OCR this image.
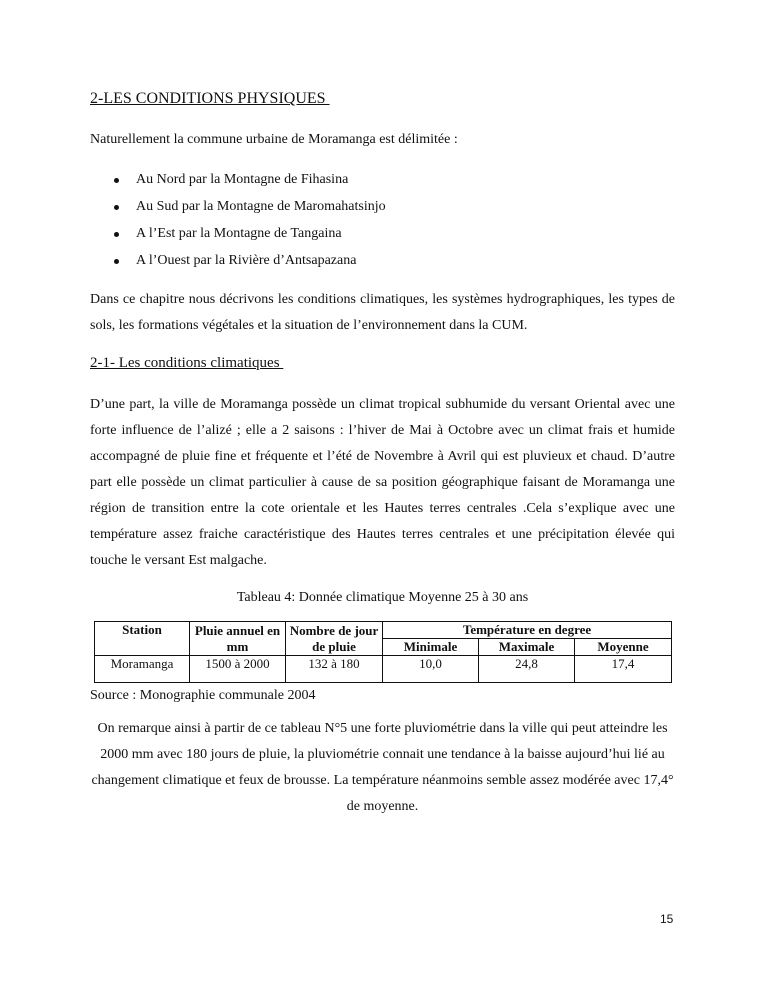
2-LES CONDITIONS PHYSIQUES
Naturellement la commune urbaine de Moramanga est délimitée :
Au Nord par la Montagne de Fihasina
Au Sud par la Montagne de Maromahatsinjo
A l’Est par la Montagne de Tangaina
A l’Ouest par la Rivière d’Antsapazana
Dans ce chapitre nous décrivons les conditions climatiques, les systèmes hydrographiques, les types de sols, les formations végétales et la situation de l’environnement dans la CUM.
2-1- Les conditions climatiques
D’une part, la ville de Moramanga possède un climat tropical subhumide du versant Oriental avec une forte influence de l’alizé ; elle a 2 saisons : l’hiver de Mai à Octobre avec un climat frais et humide accompagné de pluie fine et fréquente et l’été de Novembre à Avril qui est pluvieux et chaud. D’autre part elle possède un climat particulier à cause de sa position géographique faisant de Moramanga une région de transition entre la cote orientale et les Hautes terres centrales .Cela s’explique avec une température assez fraiche caractéristique des Hautes terres centrales et une précipitation élevée qui touche le versant Est malgache.
Tableau 4: Donnée climatique Moyenne 25 à 30 ans
Station	Pluie annuel en mm	Nombre de jour de pluie	Température en degree		
			Minimale	Maximale	Moyenne
Moramanga	1500 à 2000	132 à 180	10,0	24,8	17,4
Source : Monographie communale 2004
On remarque ainsi à partir de ce tableau N°5 une forte pluviométrie dans la ville qui peut atteindre les 2000 mm avec 180 jours de pluie, la pluviométrie connait une tendance à la baisse aujourd’hui lié au changement climatique et feux de brousse. La température néanmoins semble assez modérée avec 17,4° de moyenne.
15
